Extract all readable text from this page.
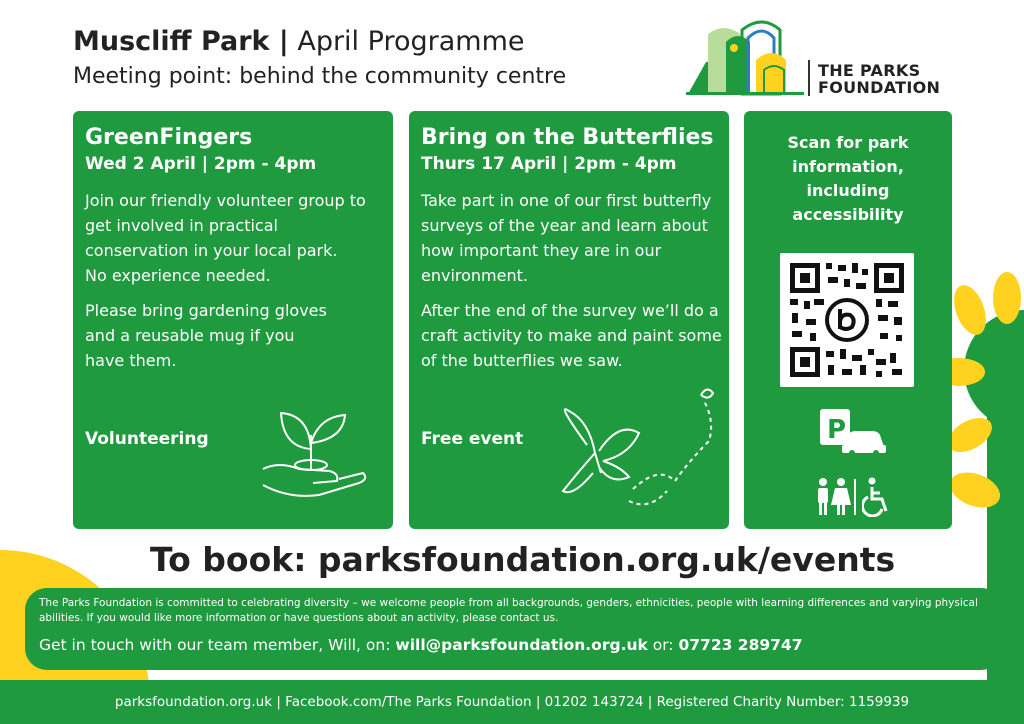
Muscliff Park | April Programme
Meeting point: behind the community centre	THE PARKS
FOUNDATION
GreenFingers
Wed 2 April | 2pm - 4pm

Join our friendly volunteer group to get involved in practical conservation in your local park.
No experience needed.

Please bring gardening gloves and a reusable mug if you have them.

Volunteering
Bring on the Butterflies
Thurs 17 April | 2pm - 4pm

Take part in one of our first butterfly surveys of the year and learn about how important they are in our environment.

After the end of the survey we’ll do a craft activity to make and paint some of the butterflies we saw.

Free event
Scan for park information, including accessibility
P
To book: parksfoundation.org.uk/events
The Parks Foundation is committed to celebrating diversity – we welcome people from all backgrounds, genders, ethnicities, people with learning differences and varying physical abilities. If you would like more information or have questions about an activity, please contact us.
Get in touch with our team member, Will, on: will@parksfoundation.org.uk or: 07723 289747
parksfoundation.org.uk | Facebook.com/The Parks Foundation | 01202 143724 | Registered Charity Number: 1159939
